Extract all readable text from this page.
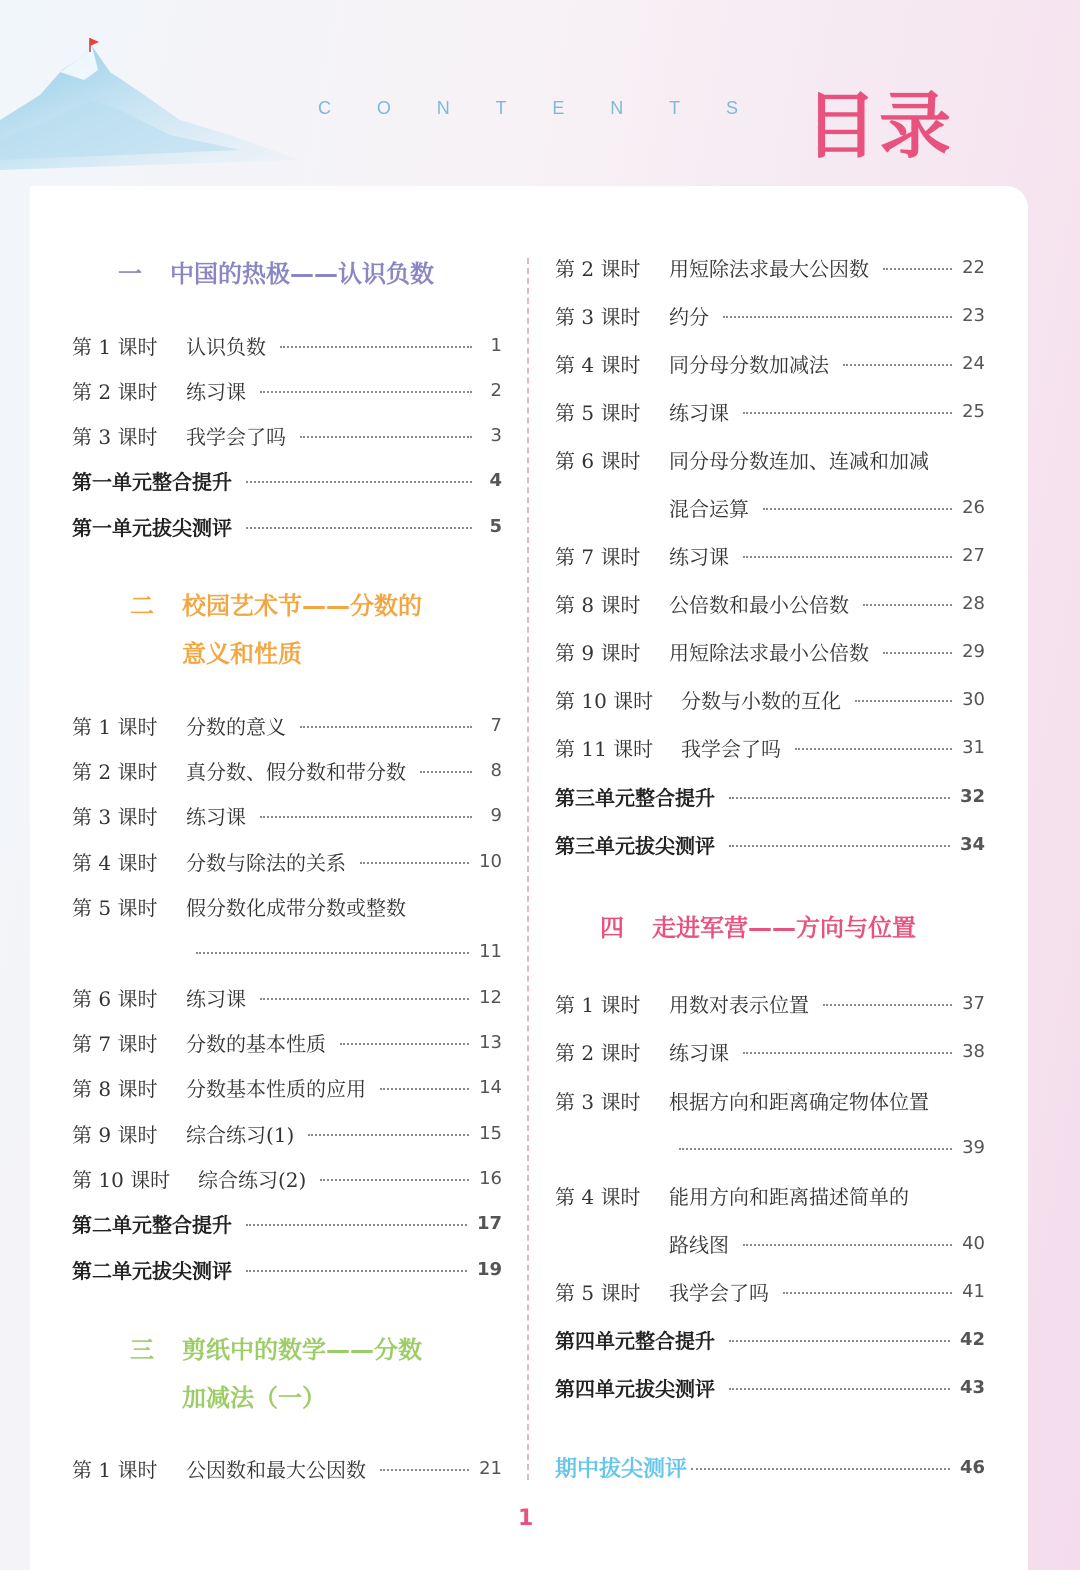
C	O	N	T	E	N	T	S 目录
一 中国的热极——认识负数
第 1 课时	认识负数	1
第 2 课时	练习课	2
第 3 课时	我学会了吗	3
第一单元整合提升	4
第一单元拔尖测评	5
二 校园艺术节——分数的
意义和性质
第 1 课时	分数的意义	7
第 2 课时	真分数、假分数和带分数	8
第 3 课时	练习课	9
第 4 课时	分数与除法的关系	10
第 5 课时	假分数化成带分数或整数
11
第 6 课时	练习课	12
第 7 课时	分数的基本性质	13
第 8 课时	分数基本性质的应用	14
第 9 课时	综合练习(1)	15
第 10 课时	综合练习(2)	16
第二单元整合提升	17
第二单元拔尖测评	19
三 剪纸中的数学——分数
加减法（一）
第 1 课时	公因数和最大公因数	21
第 2 课时	用短除法求最大公因数	22
第 3 课时	约分	23
第 4 课时	同分母分数加减法	24
第 5 课时	练习课	25
第 6 课时	同分母分数连加、连减和加减
混合运算	26
第 7 课时	练习课	27
第 8 课时	公倍数和最小公倍数	28
第 9 课时	用短除法求最小公倍数	29
第 10 课时	分数与小数的互化	30
第 11 课时	我学会了吗	31
第三单元整合提升	32
第三单元拔尖测评	34
四 走进军营——方向与位置
第 1 课时	用数对表示位置	37
第 2 课时	练习课	38
第 3 课时	根据方向和距离确定物体位置
39
第 4 课时	能用方向和距离描述简单的
路线图	40
第 5 课时	我学会了吗	41
第四单元整合提升	42
第四单元拔尖测评	43
期中拔尖测评	46
1
